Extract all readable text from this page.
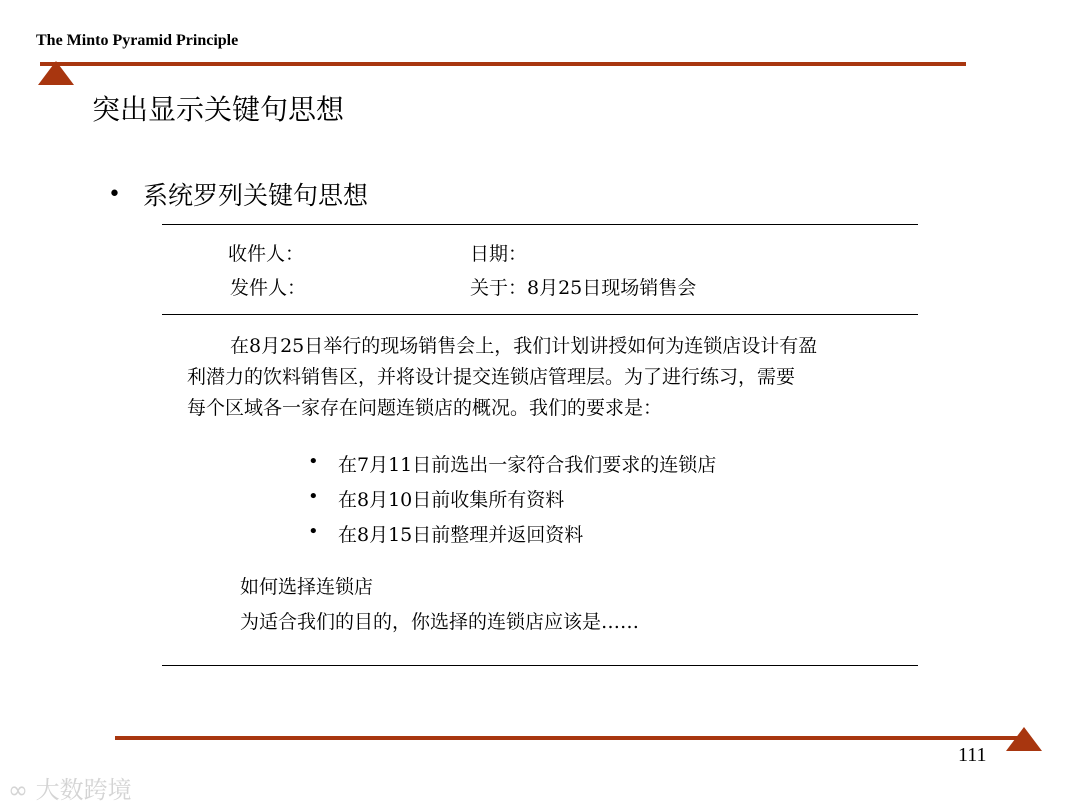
The Minto Pyramid Principle
突出显示关键句思想
• 系统罗列关键句思想
收件人：	日期：
发件人：	关于：8月25日现场销售会
在8月25日举行的现场销售会上，我们计划讲授如何为连锁店设计有盈
利潜力的饮料销售区，并将设计提交连锁店管理层。为了进行练习，需要
每个区域各一家存在问题连锁店的概况。我们的要求是：
• 在7月11日前选出一家符合我们要求的连锁店
• 在8月10日前收集所有资料
• 在8月15日前整理并返回资料
如何选择连锁店
为适合我们的目的，你选择的连锁店应该是……
111
∞ 大数跨境
